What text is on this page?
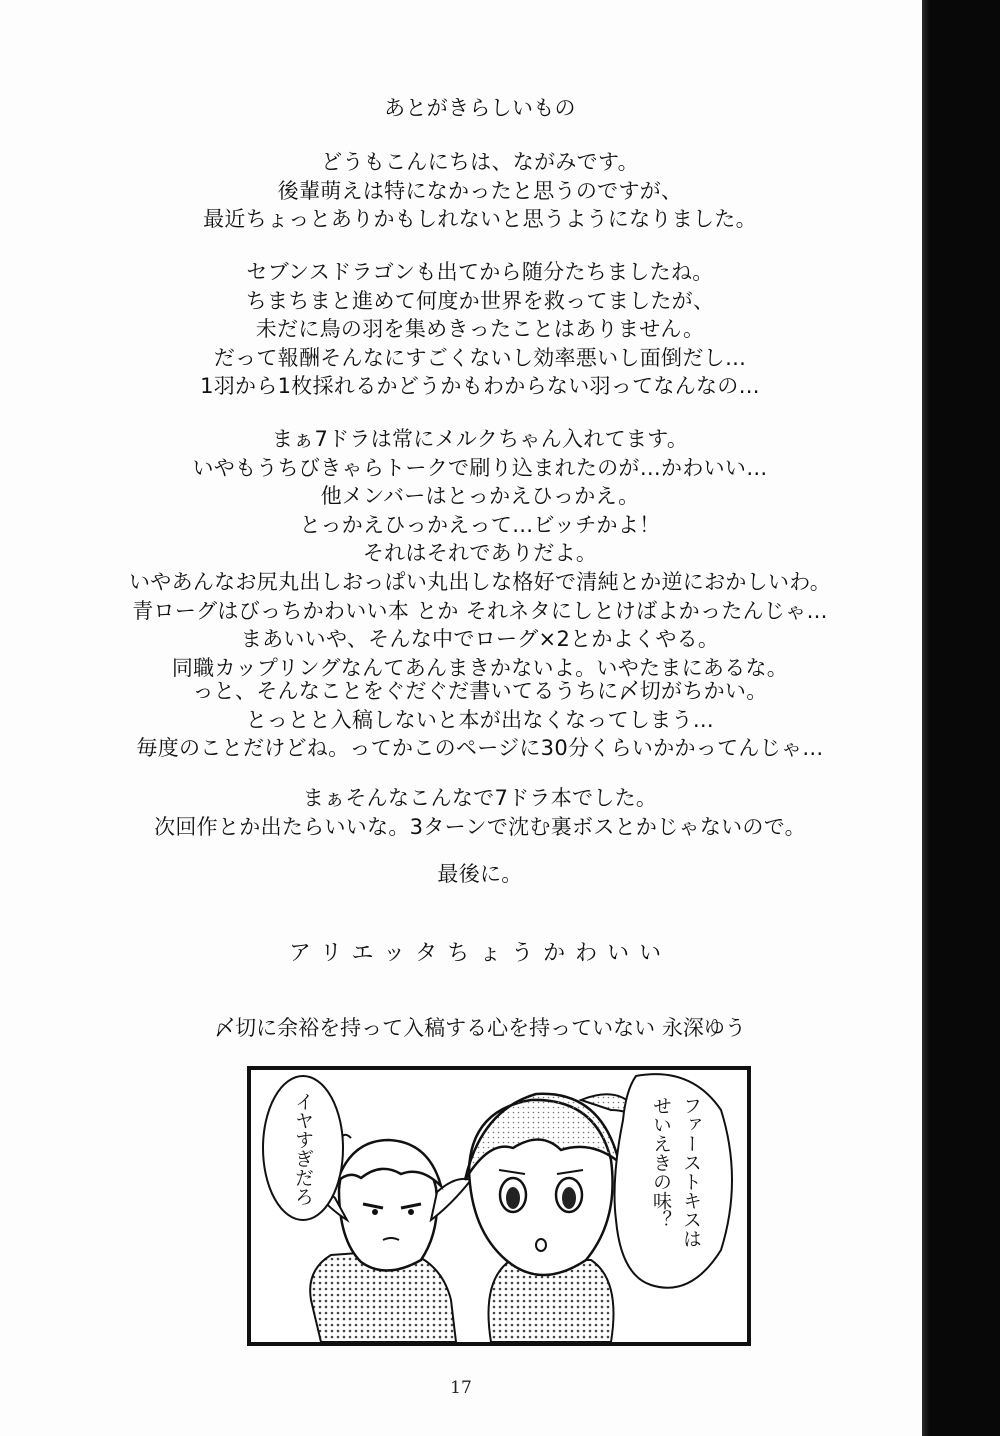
あとがきらしいもの
どうもこんにちは、ながみです。
後輩萌えは特になかったと思うのですが、
最近ちょっとありかもしれないと思うようになりました。
セブンスドラゴンも出てから随分たちましたね。
ちまちまと進めて何度か世界を救ってましたが、
未だに鳥の羽を集めきったことはありません。
だって報酬そんなにすごくないし効率悪いし面倒だし…
1羽から1枚採れるかどうかもわからない羽ってなんなの…
まぁ7ドラは常にメルクちゃん入れてます。
いやもうちびきゃらトークで刷り込まれたのが…かわいい…
他メンバーはとっかえひっかえ。
とっかえひっかえって…ビッチかよ！
それはそれでありだよ。
いやあんなお尻丸出しおっぱい丸出しな格好で清純とか逆におかしいわ。
青ローグはびっちかわいい本 とか それネタにしとけばよかったんじゃ…
まあいいや、そんな中でローグ×2とかよくやる。
同職カップリングなんてあんまきかないよ。いやたまにあるな。
っと、そんなことをぐだぐだ書いてるうちに〆切がちかい。
とっとと入稿しないと本が出なくなってしまう…
毎度のことだけどね。ってかこのページに30分くらいかかってんじゃ…
まぁそんなこんなで7ドラ本でした。
次回作とか出たらいいな。3ターンで沈む裏ボスとかじゃないので。
最後に。
アリエッタちょうかわいい
〆切に余裕を持って入稿する心を持っていない 永深ゆう
イヤすぎだろ	ファーストキスは
せいえきの味？
17
